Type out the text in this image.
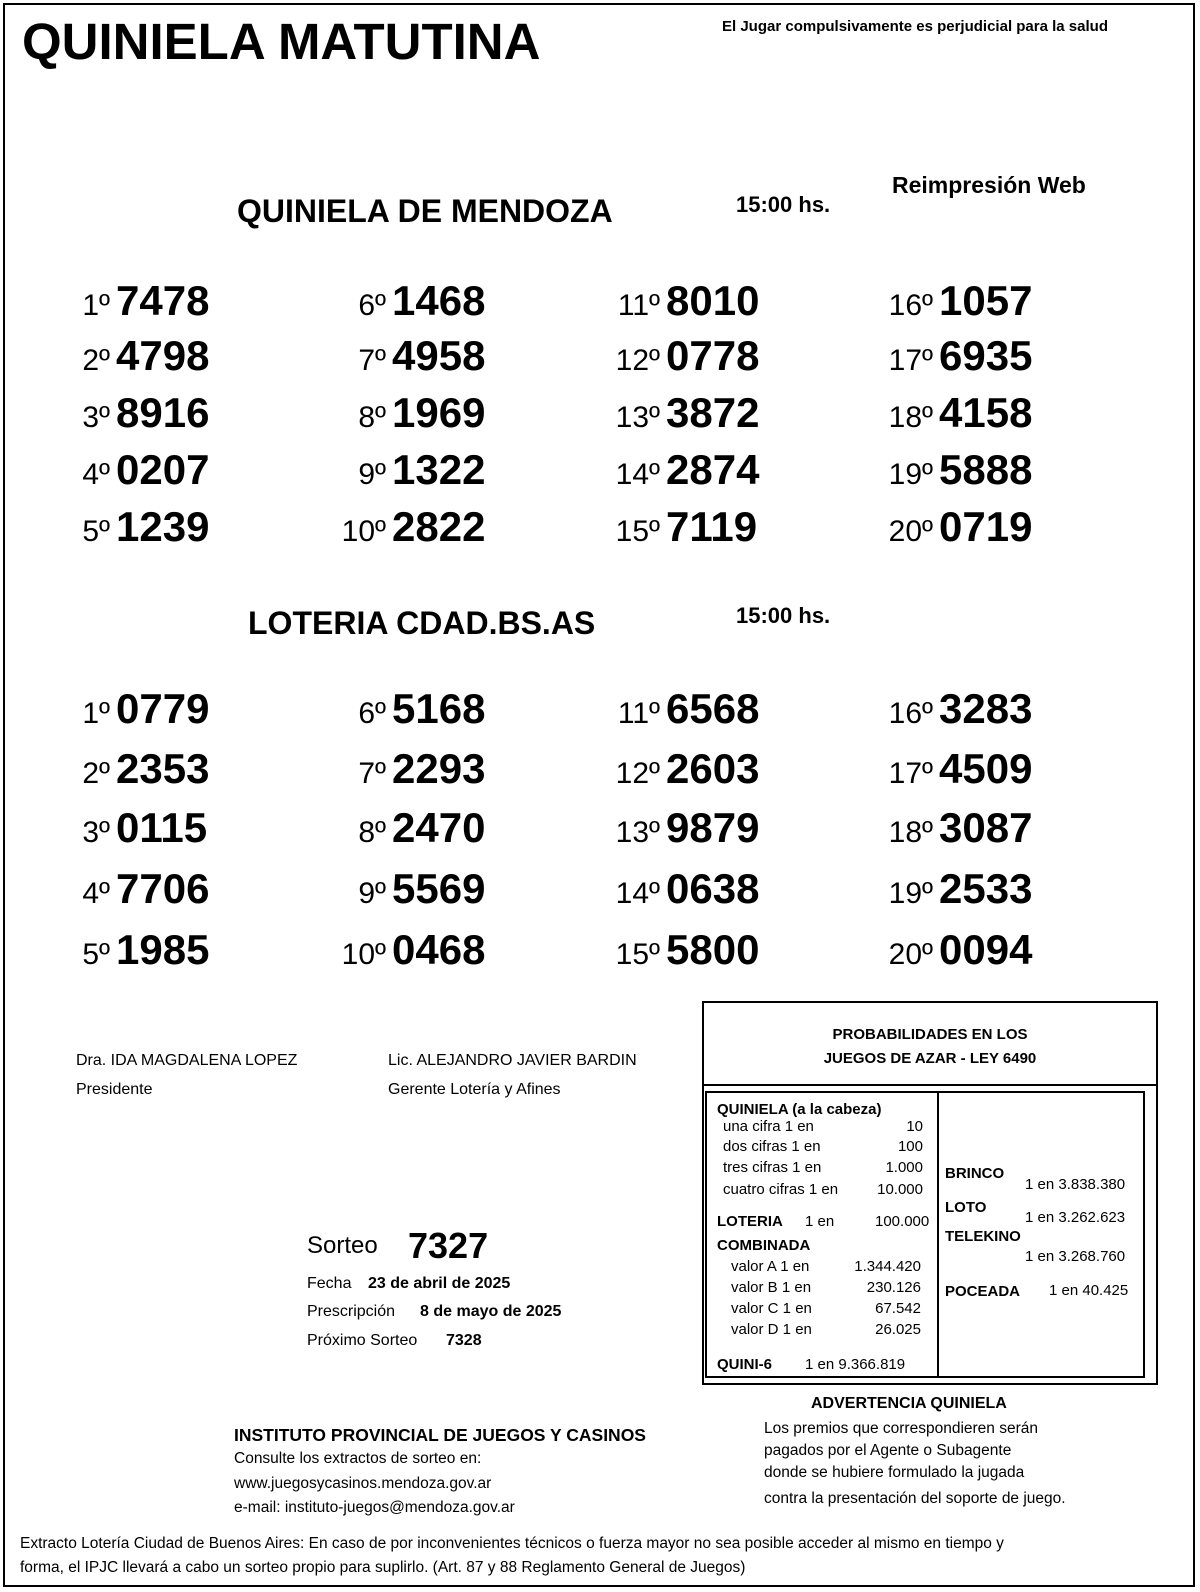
QUINIELA MATUTINA	El Jugar compulsivamente es perjudicial para la salud
Reimpresión Web
QUINIELA DE MENDOZA	15:00 hs.
1º 7478
2º 4798
3º 8916
4º 0207
5º 1239
6º 1468
7º 4958
8º 1969
9º 1322
10º 2822
11º 8010
12º 0778
13º 3872
14º 2874
15º 7119
16º 1057
17º 6935
18º 4158
19º 5888
20º 0719
LOTERIA CDAD.BS.AS	15:00 hs.
1º 0779
2º 2353
3º 0115
4º 7706
5º 1985
6º 5168
7º 2293
8º 2470
9º 5569
10º 0468
11º 6568
12º 2603
13º 9879
14º 0638
15º 5800
16º 3283
17º 4509
18º 3087
19º 2533
20º 0094
Dra. IDA MAGDALENA LOPEZ
Presidente
Lic. ALEJANDRO JAVIER BARDIN
Gerente Lotería y Afines
Sorteo 7327
Fecha 23 de abril de 2025
Prescripción 8 de mayo de 2025
Próximo Sorteo 7328
PROBABILIDADES EN LOS
JUEGOS DE AZAR - LEY 6490
QUINIELA (a la cabeza)
una cifra 1 en	10
dos cifras 1 en	100
tres cifras 1 en	1.000
cuatro cifras 1 en	10.000
LOTERIA 1 en	100.000
COMBINADA
valor A 1 en	1.344.420
valor B 1 en	230.126
valor C 1 en	67.542
valor D 1 en	26.025
QUINI-6 1 en 9.366.819
BRINCO
1 en 3.838.380
LOTO
1 en 3.262.623
TELEKINO
1 en 3.268.760
POCEADA 1 en 40.425
ADVERTENCIA QUINIELA
Los premios que correspondieren serán
pagados por el Agente o Subagente
donde se hubiere formulado la jugada
contra la presentación del soporte de juego.
INSTITUTO PROVINCIAL DE JUEGOS Y CASINOS
Consulte los extractos de sorteo en:
www.juegosycasinos.mendoza.gov.ar
e-mail: instituto-juegos@mendoza.gov.ar
Extracto Lotería Ciudad de Buenos Aires: En caso de por inconvenientes técnicos o fuerza mayor no sea posible acceder al mismo en tiempo y
forma, el IPJC llevará a cabo un sorteo propio para suplirlo. (Art. 87 y 88 Reglamento General de Juegos)
